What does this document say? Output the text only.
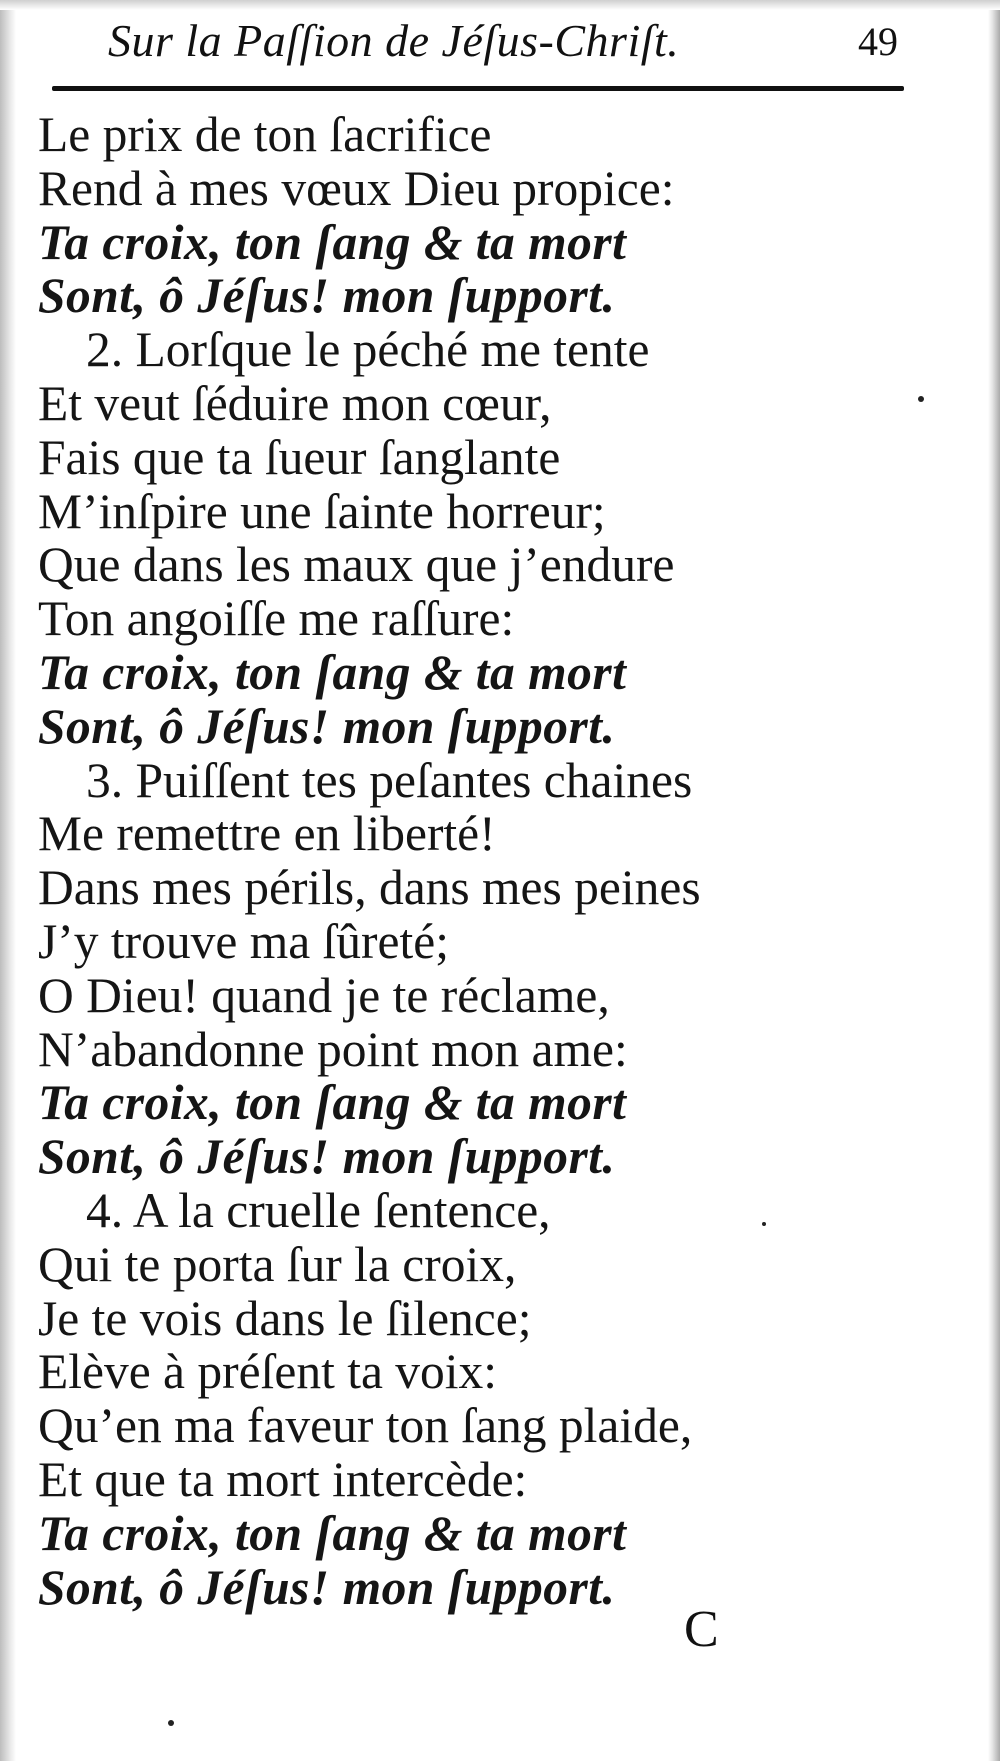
Sur la Paſſion de Jéſus-Chriſt.	49
Le prix de ton ſacrifice
Rend à mes vœux Dieu propice:
Ta croix, ton ſang & ta mort
Sont, ô Jéſus! mon ſupport.
2. Lorſque le péché me tente
Et veut ſéduire mon cœur,
Fais que ta ſueur ſanglante
M’inſpire une ſainte horreur;
Que dans les maux que j’endure
Ton angoiſſe me raſſure:
Ta croix, ton ſang & ta mort
Sont, ô Jéſus! mon ſupport.
3. Puiſſent tes peſantes chaines
Me remettre en liberté!
Dans mes périls, dans mes peines
J’y trouve ma ſûreté;
O Dieu! quand je te réclame,
N’abandonne point mon ame:
Ta croix, ton ſang & ta mort
Sont, ô Jéſus! mon ſupport.
4. A la cruelle ſentence,
Qui te porta ſur la croix,
Je te vois dans le ſilence;
Elève à préſent ta voix:
Qu’en ma faveur ton ſang plaide,
Et que ta mort intercède:
Ta croix, ton ſang & ta mort
Sont, ô Jéſus! mon ſupport.
C
